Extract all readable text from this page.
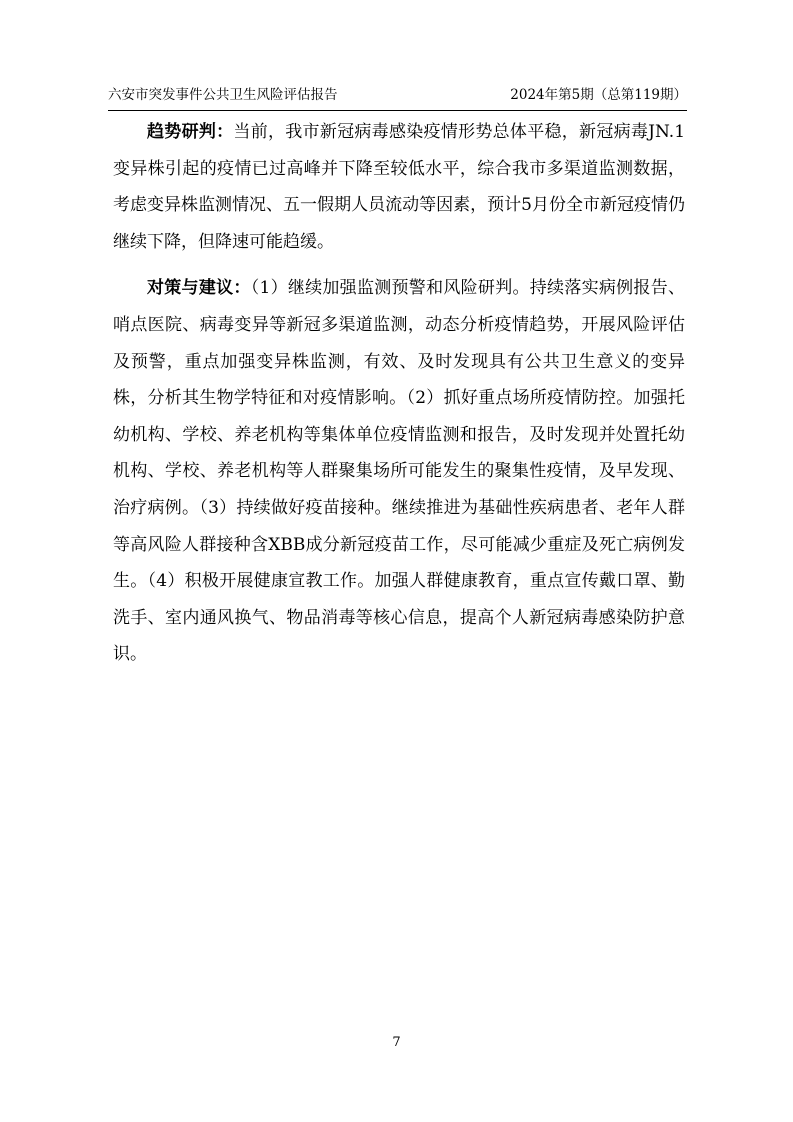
六安市突发事件公共卫生风险评估报告	2024年第5期（总第119期）

趋势研判：当前，我市新冠病毒感染疫情形势总体平稳，新冠病毒JN.1变异株引起的疫情已过高峰并下降至较低水平，综合我市多渠道监测数据，考虑变异株监测情况、五一假期人员流动等因素，预计5月份全市新冠疫情仍继续下降，但降速可能趋缓。

对策与建议：（1）继续加强监测预警和风险研判。持续落实病例报告、哨点医院、病毒变异等新冠多渠道监测，动态分析疫情趋势，开展风险评估及预警，重点加强变异株监测，有效、及时发现具有公共卫生意义的变异株，分析其生物学特征和对疫情影响。（2）抓好重点场所疫情防控。加强托幼机构、学校、养老机构等集体单位疫情监测和报告，及时发现并处置托幼机构、学校、养老机构等人群聚集场所可能发生的聚集性疫情，及早发现、治疗病例。（3）持续做好疫苗接种。继续推进为基础性疾病患者、老年人群等高风险人群接种含XBB成分新冠疫苗工作，尽可能减少重症及死亡病例发生。（4）积极开展健康宣教工作。加强人群健康教育，重点宣传戴口罩、勤洗手、室内通风换气、物品消毒等核心信息，提高个人新冠病毒感染防护意识。

7
